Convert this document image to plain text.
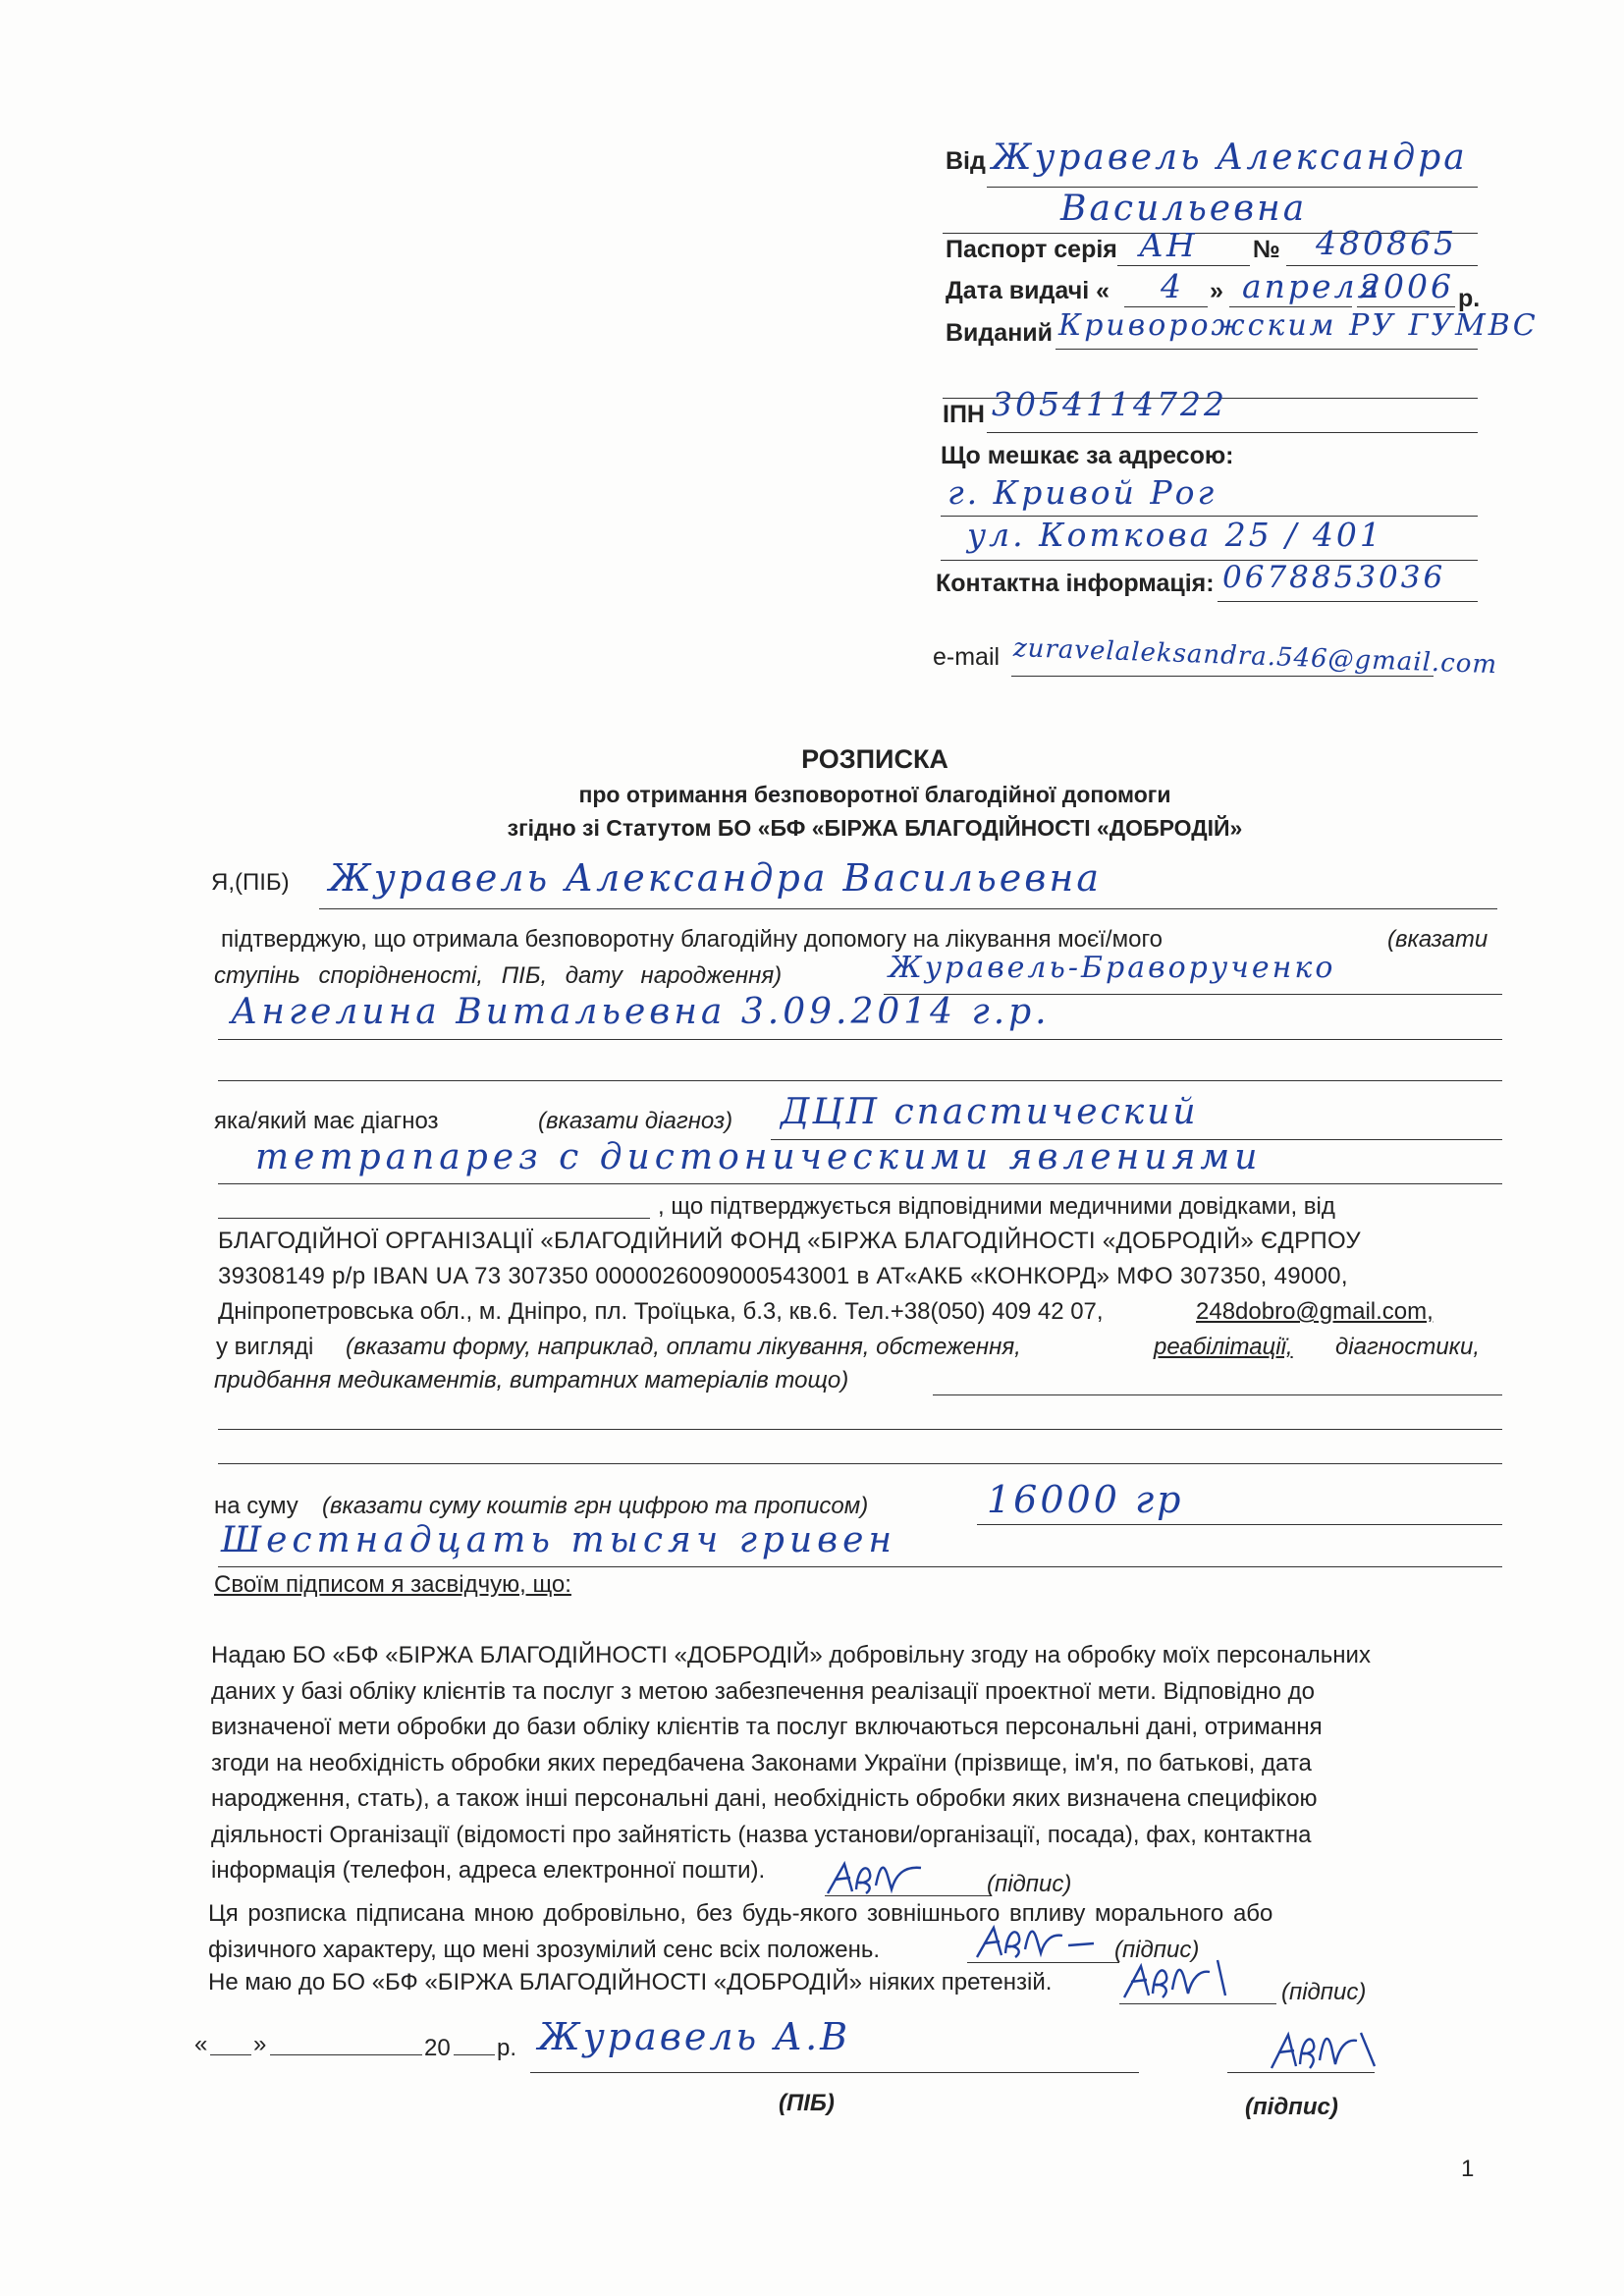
Від Журавель Александра
Васильевна
Паспорт серія АН № 480865
Дата видачі « 4 » апреля
2006 р.
Виданий Криворожским РУ ГУМВС
ІПН 3054114722
Що мешкає за адресою:
г. Кривой Рог
ул. Коткова 25 / 401
Контактна інформація: 0678853036
e-mail zuravelaleksandra.546@gmail.com
РОЗПИСКА
про отримання безповоротної благодійної допомоги
згідно зі Статутом БО «БФ «БІРЖА БЛАГОДІЙНОСТІ «ДОБРОДІЙ»
Я,(ПІБ) Журавель Александра Васильевна
підтверджую, що отримала безповоротну благодійну допомогу на лікування моєї/мого	(вказати
ступінь спорідненості, ПІБ, дату народження)	Журавель-Браворученко
Ангелина Витальевна 3.09.2014 г.р.
яка/який має діагноз	(вказати діагноз) ДЦП спастический
тетрапарез с дистоническими явлениями
, що підтверджується відповідними медичними довідками, від
БЛАГОДІЙНОЇ ОРГАНІЗАЦІЇ «БЛАГОДІЙНИЙ ФОНД «БІРЖА БЛАГОДІЙНОСТІ «ДОБРОДІЙ» ЄДРПОУ
39308149 р/р IBAN UA 73 307350 0000026009000543001 в АТ«АКБ «КОНКОРД» МФО 307350, 49000,
Дніпропетровська обл., м. Дніпро, пл. Троїцька, б.3, кв.6. Тел.+38(050) 409 42 07,	248dobro@gmail.com,
у вигляді (вказати форму, наприклад, оплати лікування, обстеження,	реабілітації, діагностики,
придбання медикаментів, витратних матеріалів тощо)
на суму (вказати суму коштів грн цифрою та прописом)	16000 гр
Шестнадцать тысяч гривен
Своїм підписом я засвідчую, що:
Надаю БО «БФ «БІРЖА БЛАГОДІЙНОСТІ «ДОБРОДІЙ» добровільну згоду на обробку моїх персональних
даних у базі обліку клієнтів та послуг з метою забезпечення реалізації проектної мети. Відповідно до
визначеної мети обробки до бази обліку клієнтів та послуг включаються персональні дані, отримання
згоди на необхідність обробки яких передбачена Законами України (прізвище, ім'я, по батькові, дата
народження, стать), а також інші персональні дані, необхідність обробки яких визначена специфікою
діяльності Організації (відомості про зайнятість (назва установи/організації, посада), фах, контактна
інформація (телефон, адреса електронної пошти).
(підпис)
Ця розписка підписана мною добровільно, без будь-якого зовнішнього впливу морального або
фізичного характеру, що мені зрозумілий сенс всіх положень.	(підпис)
Не маю до БО «БФ «БІРЖА БЛАГОДІЙНОСТІ «ДОБРОДІЙ» ніяких претензій.	(підпис)
« »	20 р. Журавель А.В
(ПІБ)	(підпис)
1
